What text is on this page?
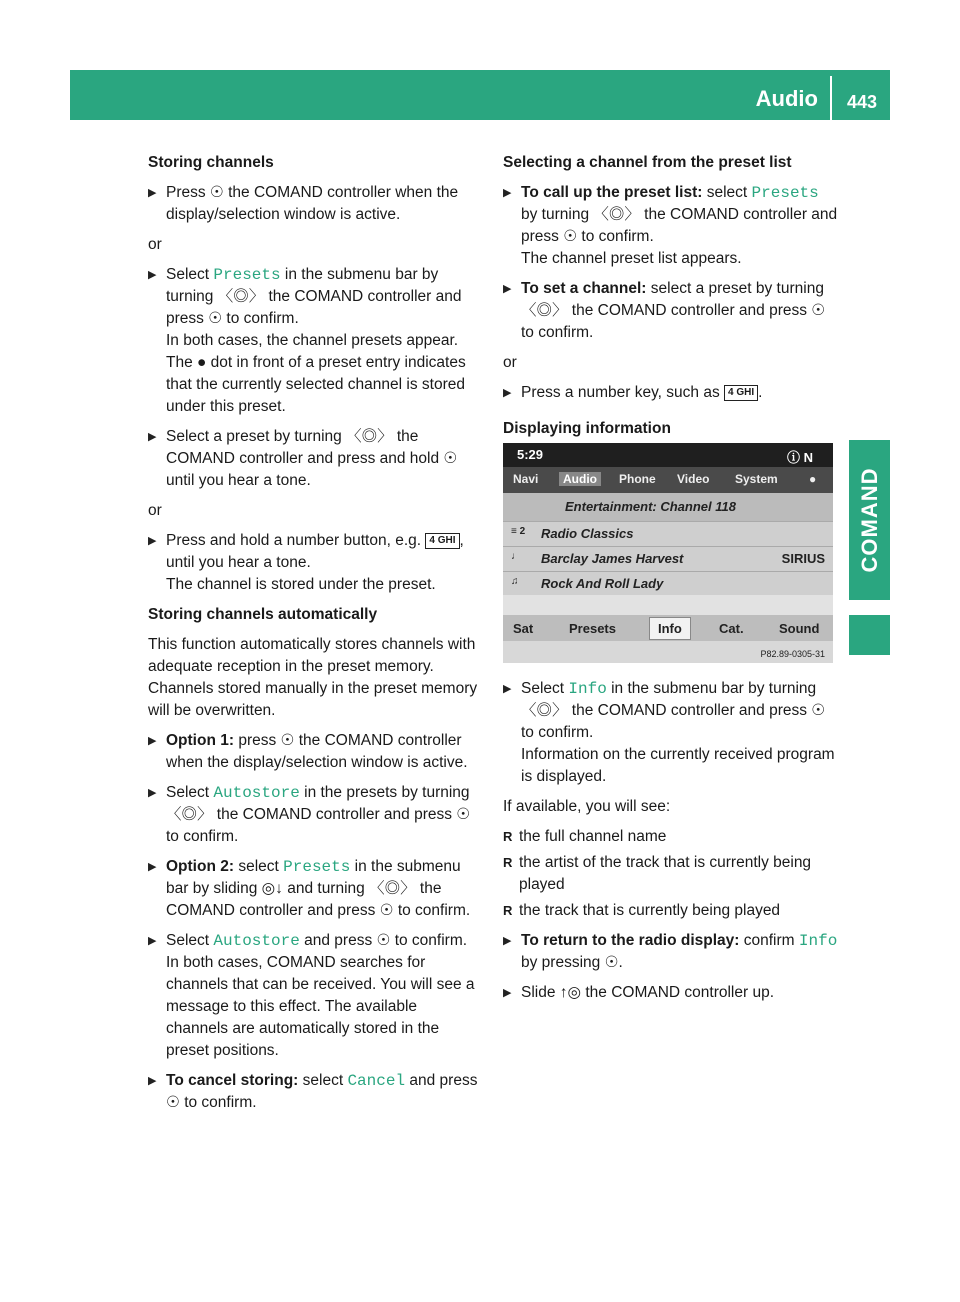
Audio	443
COMAND
Storing channels
▶ Press ☉ the COMAND controller when the display/selection window is active.
or
▶ Select Presets in the submenu bar by turning 〈◎〉 the COMAND controller and press ☉ to confirm.
In both cases, the channel presets appear.
The ● dot in front of a preset entry indicates that the currently selected channel is stored under this preset.
▶ Select a preset by turning 〈◎〉 the COMAND controller and press and hold ☉ until you hear a tone.
or
▶ Press and hold a number button, e.g. 4 GHI , until you hear a tone.
The channel is stored under the preset.
Storing channels automatically
This function automatically stores channels with adequate reception in the preset memory. Channels stored manually in the preset memory will be overwritten.
▶ Option 1: press ☉ the COMAND controller when the display/selection window is active.
▶ Select Autostore in the presets by turning 〈◎〉 the COMAND controller and press ☉ to confirm.
▶ Option 2: select Presets in the submenu bar by sliding ◎↓ and turning 〈◎〉 the COMAND controller and press ☉ to confirm.
▶ Select Autostore and press ☉ to confirm.
In both cases, COMAND searches for channels that can be received. You will see a message to this effect. The available channels are automatically stored in the preset positions.
▶ To cancel storing: select Cancel and press ☉ to confirm.
Selecting a channel from the preset list
▶ To call up the preset list: select Presets by turning 〈◎〉 the COMAND controller and press ☉ to confirm.
The channel preset list appears.
▶ To set a channel: select a preset by turning 〈◎〉 the COMAND controller and press ☉ to confirm.
or
▶ Press a number key, such as 4 GHI .
Displaying information
5:29	ⓘ N
Navi	Audio	Phone Video System	●
Entertainment: Channel 118
≡ 2 Radio Classics
♩ Barclay James Harvest	SIRIUS
♫ Rock And Roll Lady
Sat	Presets	Info	Cat.	Sound
P82.89-0305-31
▶ Select Info in the submenu bar by turning 〈◎〉 the COMAND controller and press ☉ to confirm.
Information on the currently received program is displayed.
If available, you will see:
R the full channel name
R the artist of the track that is currently being played
R the track that is currently being played
▶ To return to the radio display: confirm Info by pressing ☉.
▶ Slide ↑◎ the COMAND controller up.
